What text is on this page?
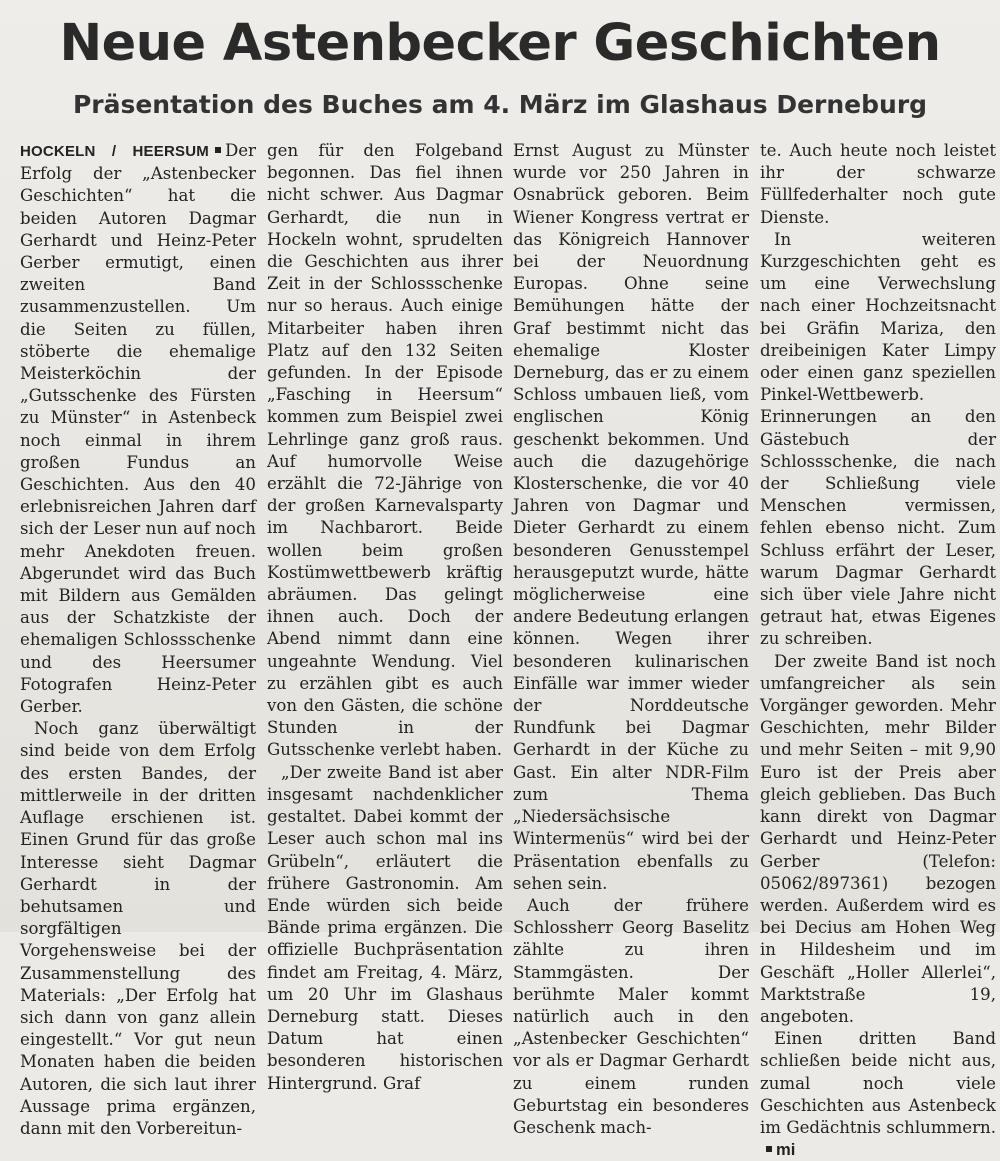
Neue Astenbecker Geschichten
Präsentation des Buches am 4. März im Glashaus Derneburg

HOCKELN / HEERSUM Der Erfolg der „Astenbecker Geschichten“ hat die beiden Autoren Dagmar Gerhardt und Heinz-Peter Gerber ermutigt, einen zweiten Band zusammenzustellen. Um die Seiten zu füllen, stöberte die ehemalige Meisterköchin der „Gutsschenke des Fürsten zu Münster“ in Astenbeck noch einmal in ihrem großen Fundus an Geschichten. Aus den 40 erlebnisreichen Jahren darf sich der Leser nun auf noch mehr Anekdoten freuen. Abgerundet wird das Buch mit Bildern aus Gemälden aus der Schatzkiste der ehemaligen Schlossschenke und des Heersumer Fotografen Heinz-Peter Gerber.

Noch ganz überwältigt sind beide von dem Erfolg des ersten Bandes, der mittlerweile in der dritten Auflage erschienen ist. Einen Grund für das große Interesse sieht Dagmar Gerhardt in der behutsamen und sorgfältigen Vorgehensweise bei der Zusammenstellung des Materials: „Der Erfolg hat sich dann von ganz allein eingestellt.“ Vor gut neun Monaten haben die beiden Autoren, die sich laut ihrer Aussage prima ergänzen, dann mit den Vorbereitun-

gen für den Folgeband begonnen. Das fiel ihnen nicht schwer. Aus Dagmar Gerhardt, die nun in Hockeln wohnt, sprudelten die Geschichten aus ihrer Zeit in der Schlossschenke nur so heraus. Auch einige Mitarbeiter haben ihren Platz auf den 132 Seiten gefunden. In der Episode „Fasching in Heersum“ kommen zum Beispiel zwei Lehrlinge ganz groß raus. Auf humorvolle Weise erzählt die 72-Jährige von der großen Karnevalsparty im Nachbarort. Beide wollen beim großen Kostümwettbewerb kräftig abräumen. Das gelingt ihnen auch. Doch der Abend nimmt dann eine ungeahnte Wendung. Viel zu erzählen gibt es auch von den Gästen, die schöne Stunden in der Gutsschenke verlebt haben.

„Der zweite Band ist aber insgesamt nachdenklicher gestaltet. Dabei kommt der Leser auch schon mal ins Grübeln“, erläutert die frühere Gastronomin. Am Ende würden sich beide Bände prima ergänzen. Die offizielle Buchpräsentation findet am Freitag, 4. März, um 20 Uhr im Glashaus Derneburg statt. Dieses Datum hat einen besonderen historischen Hintergrund. Graf

Ernst August zu Münster wurde vor 250 Jahren in Osnabrück geboren. Beim Wiener Kongress vertrat er das Königreich Hannover bei der Neuordnung Europas. Ohne seine Bemühungen hätte der Graf bestimmt nicht das ehemalige Kloster Derneburg, das er zu einem Schloss umbauen ließ, vom englischen König geschenkt bekommen. Und auch die dazugehörige Klosterschenke, die vor 40 Jahren von Dagmar und Dieter Gerhardt zu einem besonderen Genusstempel herausgeputzt wurde, hätte möglicherweise eine andere Bedeutung erlangen können. Wegen ihrer besonderen kulinarischen Einfälle war immer wieder der Norddeutsche Rundfunk bei Dagmar Gerhardt in der Küche zu Gast. Ein alter NDR-Film zum Thema „Niedersächsische Wintermenüs“ wird bei der Präsentation ebenfalls zu sehen sein.

Auch der frühere Schlossherr Georg Baselitz zählte zu ihren Stammgästen. Der berühmte Maler kommt natürlich auch in den „Astenbecker Geschichten“ vor als er Dagmar Gerhardt zu einem runden Geburtstag ein besonderes Geschenk mach-

te. Auch heute noch leistet ihr der schwarze Füllfederhalter noch gute Dienste.

In weiteren Kurzgeschichten geht es um eine Verwechslung nach einer Hochzeitsnacht bei Gräfin Mariza, den dreibeinigen Kater Limpy oder einen ganz speziellen Pinkel-Wettbewerb. Erinnerungen an den Gästebuch der Schlossschenke, die nach der Schließung viele Menschen vermissen, fehlen ebenso nicht. Zum Schluss erfährt der Leser, warum Dagmar Gerhardt sich über viele Jahre nicht getraut hat, etwas Eigenes zu schreiben.

Der zweite Band ist noch umfangreicher als sein Vorgänger geworden. Mehr Geschichten, mehr Bilder und mehr Seiten – mit 9,90 Euro ist der Preis aber gleich geblieben. Das Buch kann direkt von Dagmar Gerhardt und Heinz-Peter Gerber (Telefon: 05062/897361) bezogen werden. Außerdem wird es bei Decius am Hohen Weg in Hildesheim und im Geschäft „Holler Allerlei“, Marktstraße 19, angeboten.

Einen dritten Band schließen beide nicht aus, zumal noch viele Geschichten aus Astenbeck im Gedächtnis schlummern.mi
